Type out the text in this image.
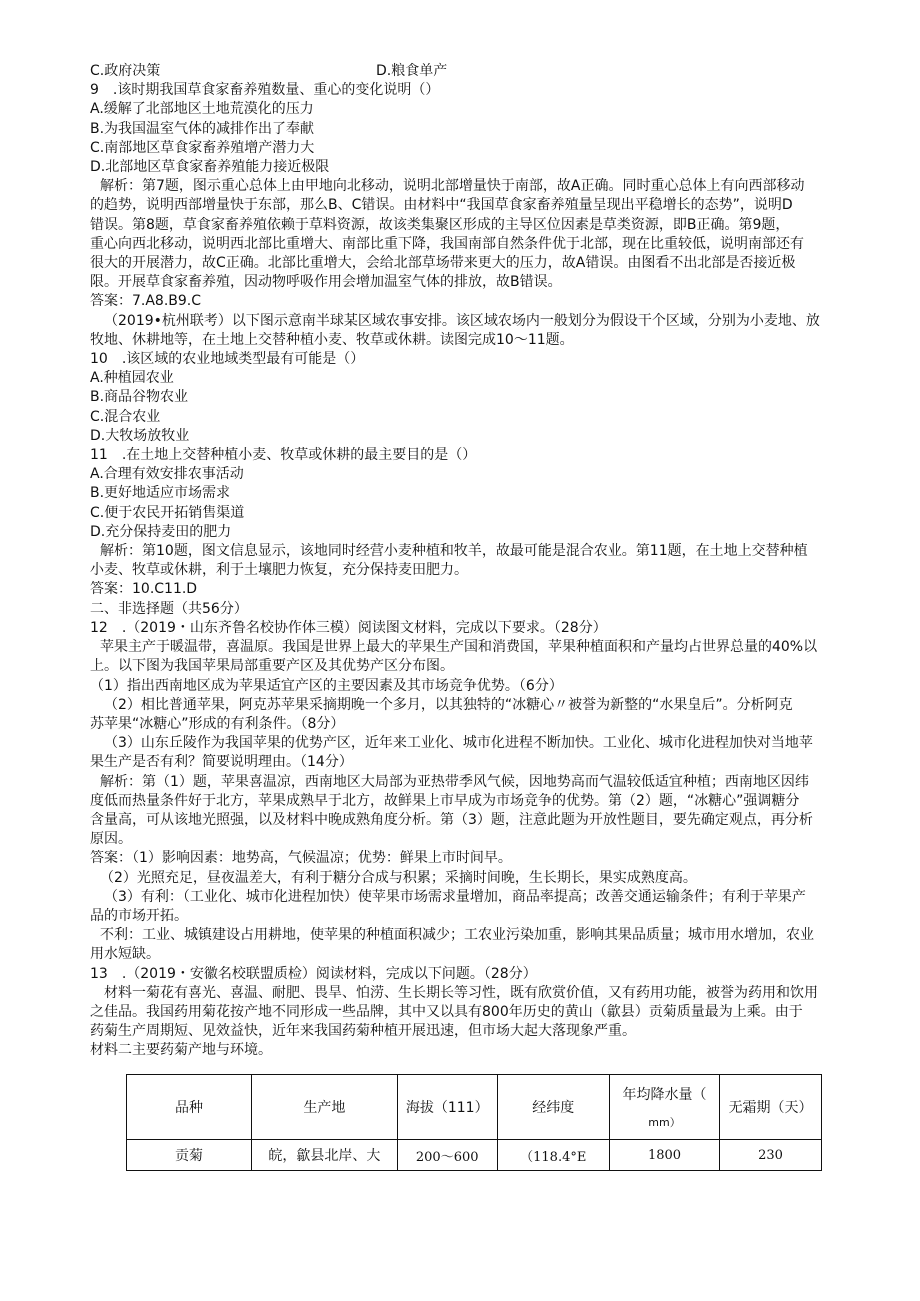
C.政府决策	D.粮食单产
9　.该时期我国草食家畜养殖数量、重心的变化说明（）
A.缓解了北部地区土地荒漠化的压力
B.为我国温室气体的减排作出了奉献
C.南部地区草食家畜养殖增产潜力大
D.北部地区草食家畜养殖能力接近极限
解析：第7题，图示重心总体上由甲地向北移动，说明北部增量快于南部，故A正确。同时重心总体上有向西部移动
的趋势，说明西部增量快于东部，那么B、C错误。由材料中“我国草食家畜养殖量呈现出平稳增长的态势”，说明D
错误。第8题，草食家畜养殖依赖于草料资源，故该类集聚区形成的主导区位因素是草类资源，即B正确。第9题，
重心向西北移动，说明西北部比重增大、南部比重下降，我国南部自然条件优于北部，现在比重较低，说明南部还有
很大的开展潜力，故C正确。北部比重增大，会给北部草场带来更大的压力，故A错误。由图看不出北部是否接近极
限。开展草食家畜养殖，因动物呼吸作用会增加温室气体的排放，故B错误。
答案：7.A8.B9.C
（2019•杭州联考）以下图示意南半球某区域农事安排。该区域农场内一般划分为假设干个区域，分别为小麦地、放
牧地、休耕地等，在土地上交替种植小麦、牧草或休耕。读图完成10～11题。
10　.该区域的农业地域类型最有可能是（）
A.种植园农业
B.商品谷物农业
C.混合农业
D.大牧场放牧业
11　.在土地上交替种植小麦、牧草或休耕的最主要目的是（）
A.合理有效安排农事活动
B.更好地适应市场需求
C.便于农民开拓销售渠道
D.充分保持麦田的肥力
解析：第10题，图文信息显示，该地同时经营小麦种植和牧羊，故最可能是混合农业。第11题，在土地上交替种植
小麦、牧草或休耕，利于土壤肥力恢复，充分保持麦田肥力。
答案：10.C11.D
二、非选择题（共56分）
12　.（2019・山东齐鲁名校协作体三模）阅读图文材料，完成以下要求。（28分）
苹果主产于暖温带，喜温原。我国是世界上最大的苹果生产国和消费国，苹果种植面积和产量均占世界总量的40%以
上。以下图为我国苹果局部重要产区及其优势产区分布图。
（1）指出西南地区成为苹果适宜产区的主要因素及其市场竞争优势。（6分）
（2）相比普通苹果，阿克苏苹果采摘期晚一个多月，以其独特的“冰糖心〃被誉为新整的“水果皇后”。分析阿克
苏苹果“冰糖心”形成的有利条件。（8分）
（3）山东丘陵作为我国苹果的优势产区，近年来工业化、城市化进程不断加快。工业化、城市化进程加快对当地苹
果生产是否有利？简要说明理由。（14分）
解析：第（1）题，苹果喜温凉，西南地区大局部为亚热带季风气候，因地势高而气温较低适宜种植；西南地区因纬
度低而热量条件好于北方，苹果成熟早于北方，故鲜果上市早成为市场竞争的优势。第（2）题，“冰糖心”强调糖分
含量高，可从该地光照强，以及材料中晚成熟角度分析。第（3）题，注意此题为开放性题目，要先确定观点，再分析
原因。
答案：（1）影响因素：地势高，气候温凉；优势：鲜果上市时间早。
（2）光照充足，昼夜温差大，有利于糖分合成与积累；采摘时间晚，生长期长，果实成熟度高。
（3）有利：（工业化、城市化进程加快）使苹果市场需求量增加，商品率提高；改善交通运输条件；有利于苹果产
品的市场开拓。
不利：工业、城镇建设占用耕地，使苹果的种植面积减少；工农业污染加重，影响其果品质量；城市用水增加，农业
用水短缺。
13　.（2019・安徽名校联盟质检）阅读材料，完成以下问题。（28分）
材料一菊花有喜光、喜温、耐肥、畏旱、怕涝、生长期长等习性，既有欣赏价值，又有药用功能，被誉为药用和饮用
之佳品。我国药用菊花按产地不同形成一些品牌，其中又以具有800年历史的黄山（歙县）贡菊质量最为上乘。由于
药菊生产周期短、见效益快，近年来我国药菊种植开展迅速，但市场大起大落现象严重。
材料二主要药菊产地与环境。
品种	生产地	海拔（111）	经纬度	年均降水量（
mm）	无霜期（天）
贡菊	皖，歙县北岸、大	200～600	（118.4°E	1800	230
